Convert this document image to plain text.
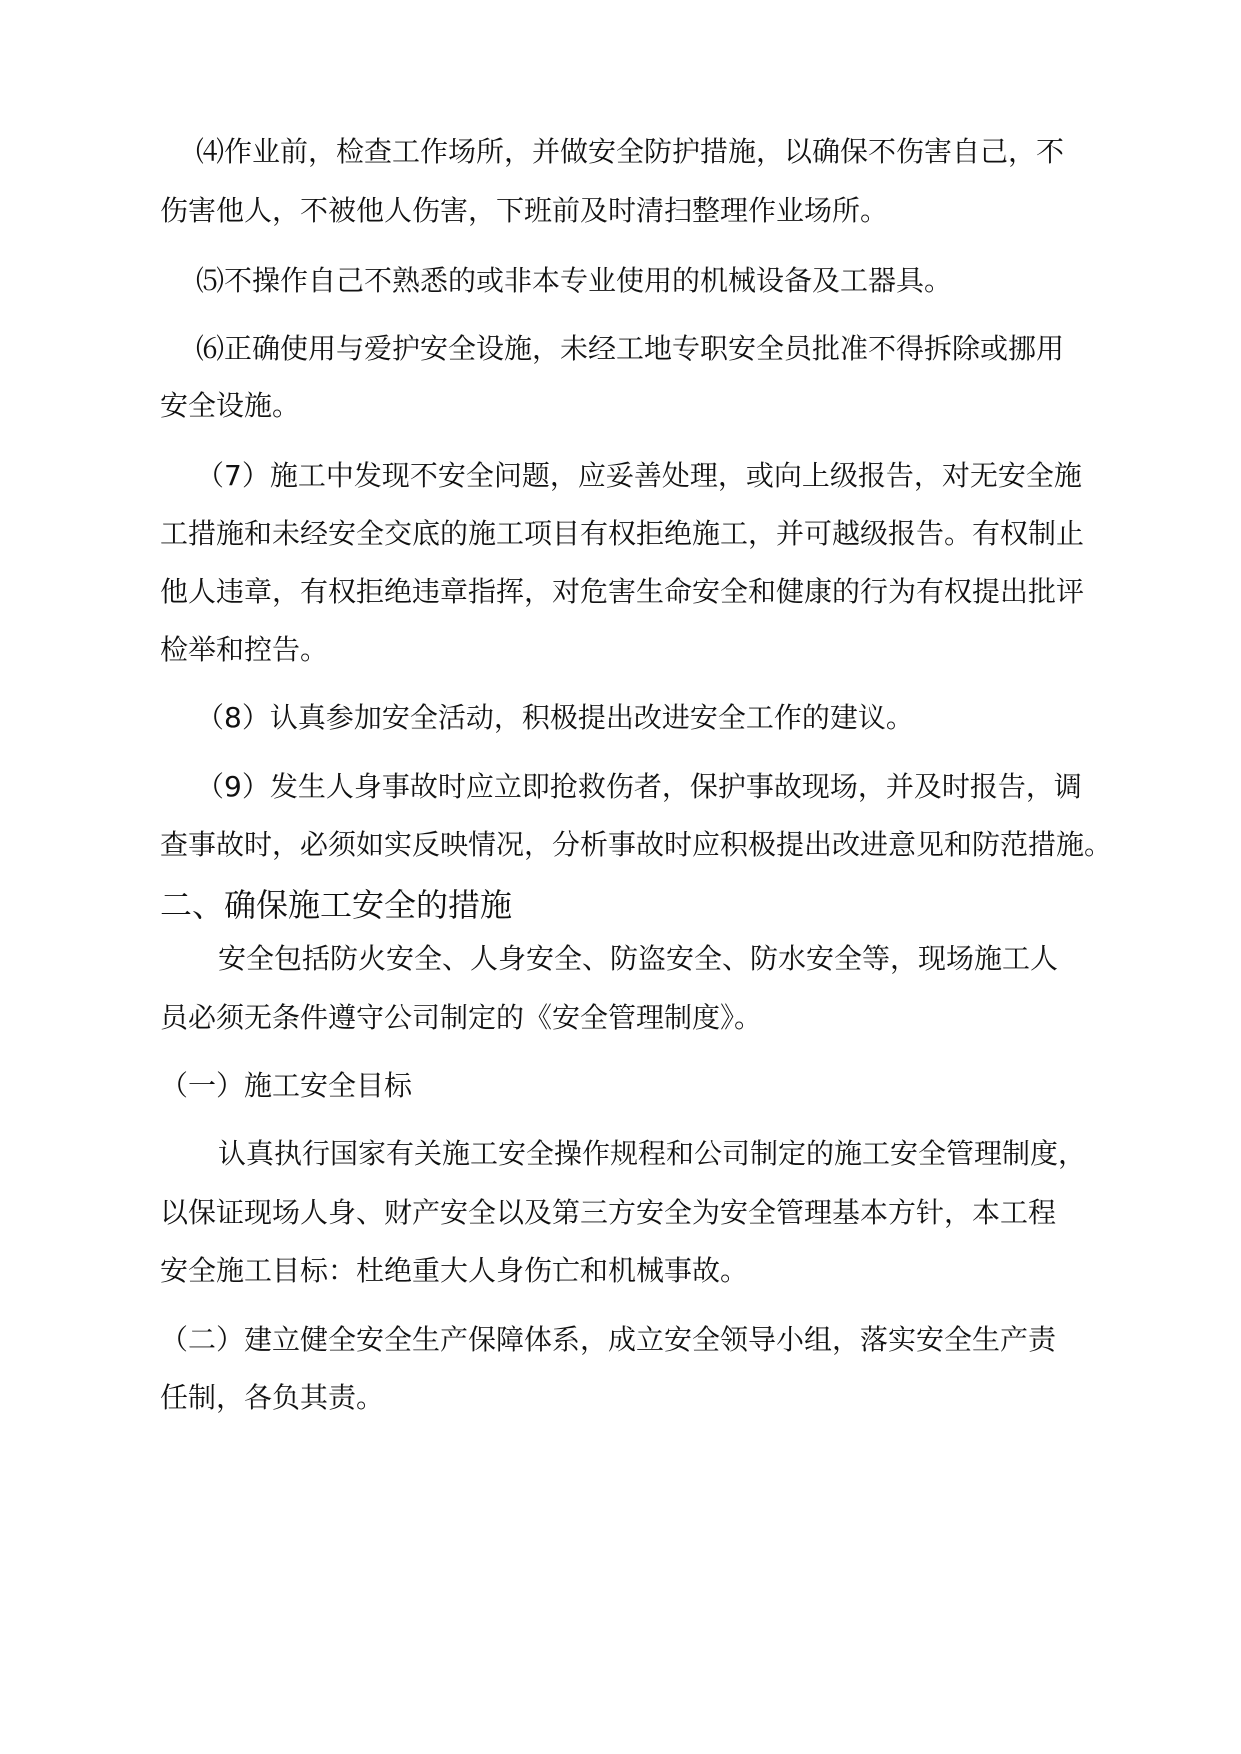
⑷作业前，检查工作场所，并做安全防护措施，以确保不伤害自己，不
伤害他人，不被他人伤害，下班前及时清扫整理作业场所。
⑸不操作自己不熟悉的或非本专业使用的机械设备及工器具。
⑹正确使用与爱护安全设施，未经工地专职安全员批准不得拆除或挪用
安全设施。
（7）施工中发现不安全问题，应妥善处理，或向上级报告，对无安全施
工措施和未经安全交底的施工项目有权拒绝施工，并可越级报告。有权制止
他人违章，有权拒绝违章指挥，对危害生命安全和健康的行为有权提出批评
检举和控告。
（8）认真参加安全活动，积极提出改进安全工作的建议。
（9）发生人身事故时应立即抢救伤者，保护事故现场，并及时报告，调
查事故时，必须如实反映情况，分析事故时应积极提出改进意见和防范措施。
二、确保施工安全的措施
安全包括防火安全、人身安全、防盗安全、防水安全等，现场施工人
员必须无条件遵守公司制定的《安全管理制度》。
（一）施工安全目标
认真执行国家有关施工安全操作规程和公司制定的施工安全管理制度，
以保证现场人身、财产安全以及第三方安全为安全管理基本方针，本工程
安全施工目标：杜绝重大人身伤亡和机械事故。
（二）建立健全安全生产保障体系，成立安全领导小组，落实安全生产责
任制，各负其责。
